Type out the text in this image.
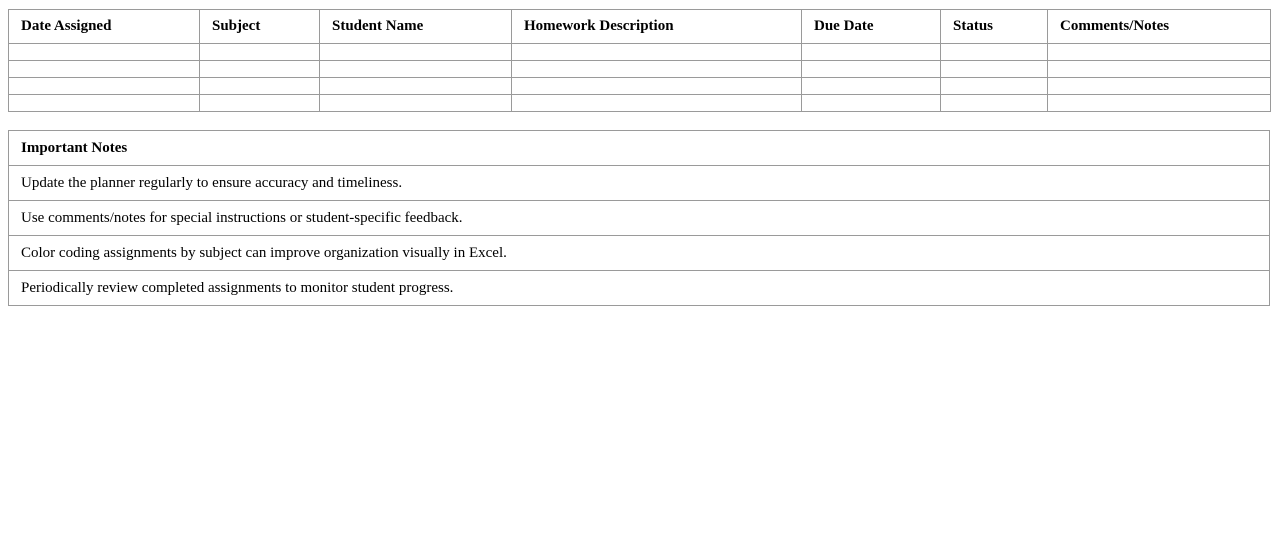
Date Assigned	Subject	Student Name	Homework Description	Due Date	Status	Comments/Notes

Important Notes
Update the planner regularly to ensure accuracy and timeliness.
Use comments/notes for special instructions or student-specific feedback.
Color coding assignments by subject can improve organization visually in Excel.
Periodically review completed assignments to monitor student progress.
